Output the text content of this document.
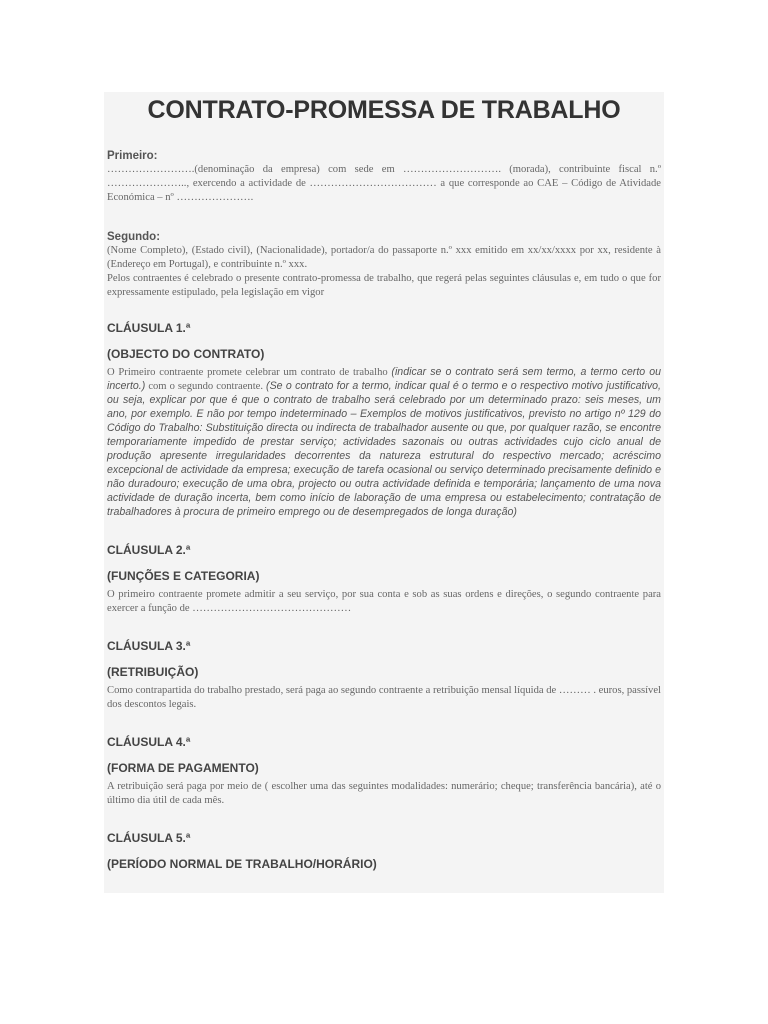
CONTRATO-PROMESSA DE TRABALHO

Primeiro:

…………………….(denominação da empresa) com sede em ………………………. (morada), contribuinte fiscal n.º ………………….., exercendo a actividade de ……………………………… a que corresponde ao CAE – Código de Atividade Económica – nº ………………….

Segundo:

(Nome Completo), (Estado civil), (Nacionalidade), portador/a do passaporte n.º xxx emitido em xx/xx/xxxx por xx, residente à (Endereço em Portugal), e contribuinte n.º xxx.

Pelos contraentes é celebrado o presente contrato-promessa de trabalho, que regerá pelas seguintes cláusulas e, em tudo o que for expressamente estipulado, pela legislação em vigor

CLÁUSULA 1.ª

(OBJECTO DO CONTRATO)

O Primeiro contraente promete celebrar um contrato de trabalho (indicar se o contrato será sem termo, a termo certo ou incerto.) com o segundo contraente. (Se o contrato for a termo, indicar qual é o termo e o respectivo motivo justificativo, ou seja, explicar por que é que o contrato de trabalho será celebrado por um determinado prazo: seis meses, um ano, por exemplo. E não por tempo indeterminado – Exemplos de motivos justificativos, previsto no artigo nº 129 do Código do Trabalho: Substituição directa ou indirecta de trabalhador ausente ou que, por qualquer razão, se encontre temporariamente impedido de prestar serviço; actividades sazonais ou outras actividades cujo ciclo anual de produção apresente irregularidades decorrentes da natureza estrutural do respectivo mercado; acréscimo excepcional de actividade da empresa; execução de tarefa ocasional ou serviço determinado precisamente definido e não duradouro; execução de uma obra, projecto ou outra actividade definida e temporária; lançamento de uma nova actividade de duração incerta, bem como início de laboração de uma empresa ou estabelecimento; contratação de trabalhadores à procura de primeiro emprego ou de desempregados de longa duração)

CLÁUSULA 2.ª

(FUNÇÕES E CATEGORIA)

O primeiro contraente promete admitir a seu serviço, por sua conta e sob as suas ordens e direções, o segundo contraente para exercer a função de ………………………………………

CLÁUSULA 3.ª

(RETRIBUIÇÃO)

Como contrapartida do trabalho prestado, será paga ao segundo contraente a retribuição mensal líquida de ……… . euros, passível dos descontos legais.

CLÁUSULA 4.ª

(FORMA DE PAGAMENTO)

A retribuição será paga por meio de ( escolher uma das seguintes modalidades: numerário; cheque; transferência bancária), até o último dia útil de cada mês.

CLÁUSULA 5.ª

(PERÍODO NORMAL DE TRABALHO/HORÁRIO)
